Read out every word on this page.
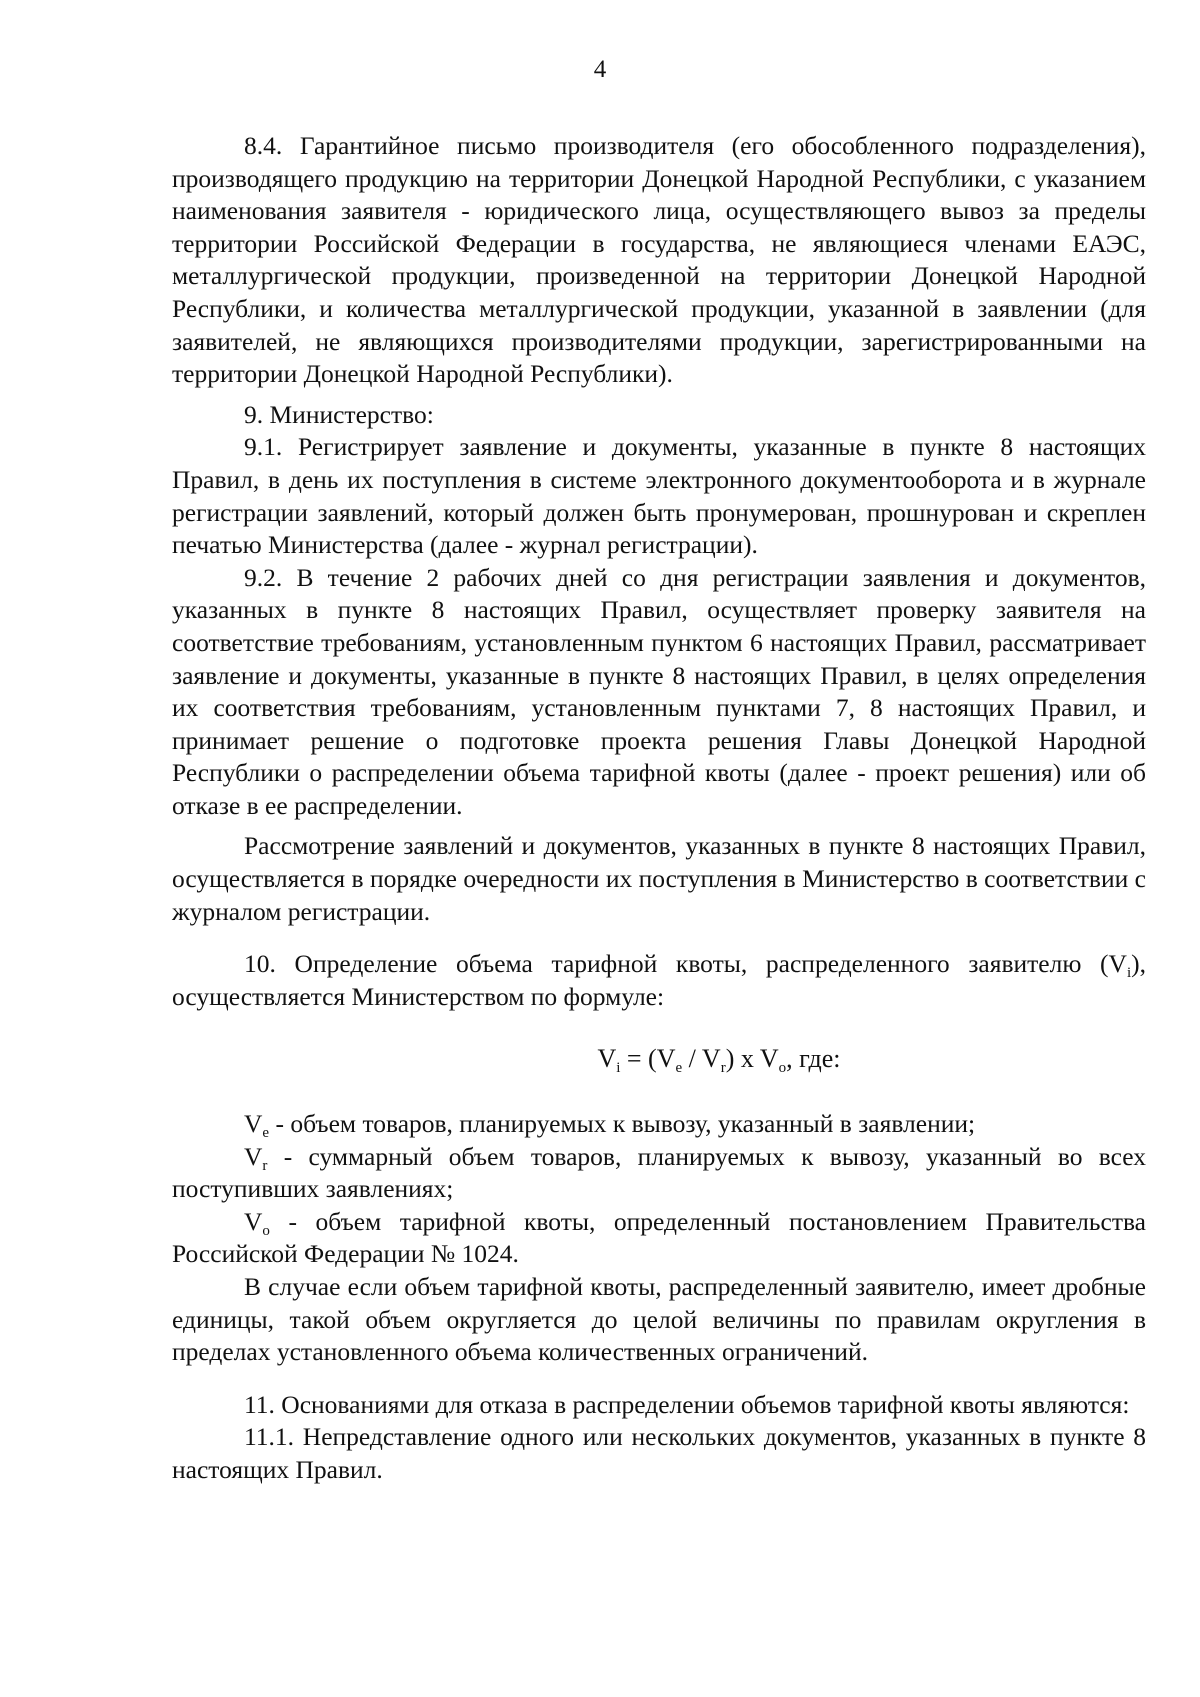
4

8.4. Гарантийное письмо производителя (его обособленного подразделения), производящего продукцию на территории Донецкой Народной Республики, с указанием наименования заявителя - юридического лица, осуществляющего вывоз за пределы территории Российской Федерации в государства, не являющиеся членами ЕАЭС, металлургической продукции, произведенной на территории Донецкой Народной Республики, и количества металлургической продукции, указанной в заявлении (для заявителей, не являющихся производителями продукции, зарегистрированными на территории Донецкой Народной Республики).

9. Министерство:

9.1. Регистрирует заявление и документы, указанные в пункте 8 настоящих Правил, в день их поступления в системе электронного документооборота и в журнале регистрации заявлений, который должен быть пронумерован, прошнурован и скреплен печатью Министерства (далее - журнал регистрации).

9.2. В течение 2 рабочих дней со дня регистрации заявления и документов, указанных в пункте 8 настоящих Правил, осуществляет проверку заявителя на соответствие требованиям, установленным пунктом 6 настоящих Правил, рассматривает заявление и документы, указанные в пункте 8 настоящих Правил, в целях определения их соответствия требованиям, установленным пунктами 7, 8 настоящих Правил, и принимает решение о подготовке проекта решения Главы Донецкой Народной Республики о распределении объема тарифной квоты (далее - проект решения) или об отказе в ее распределении.

Рассмотрение заявлений и документов, указанных в пункте 8 настоящих Правил, осуществляется в порядке очередности их поступления в Министерство в соответствии с журналом регистрации.

10. Определение объема тарифной квоты, распределенного заявителю $(V_i)$, осуществляется Министерством по формуле:

$V_i = (V_e / V_r)$ x $V_o$, где:

$V_e$ - объем товаров, планируемых к вывозу, указанный в заявлении;

$V_r$ - суммарный объем товаров, планируемых к вывозу, указанный во всех поступивших заявлениях;

$V_o$ - объем тарифной квоты, определенный постановлением Правительства Российской Федерации № 1024.

В случае если объем тарифной квоты, распределенный заявителю, имеет дробные единицы, такой объем округляется до целой величины по правилам округления в пределах установленного объема количественных ограничений.

11. Основаниями для отказа в распределении объемов тарифной квоты являются:

11.1. Непредставление одного или нескольких документов, указанных в пункте 8 настоящих Правил.
